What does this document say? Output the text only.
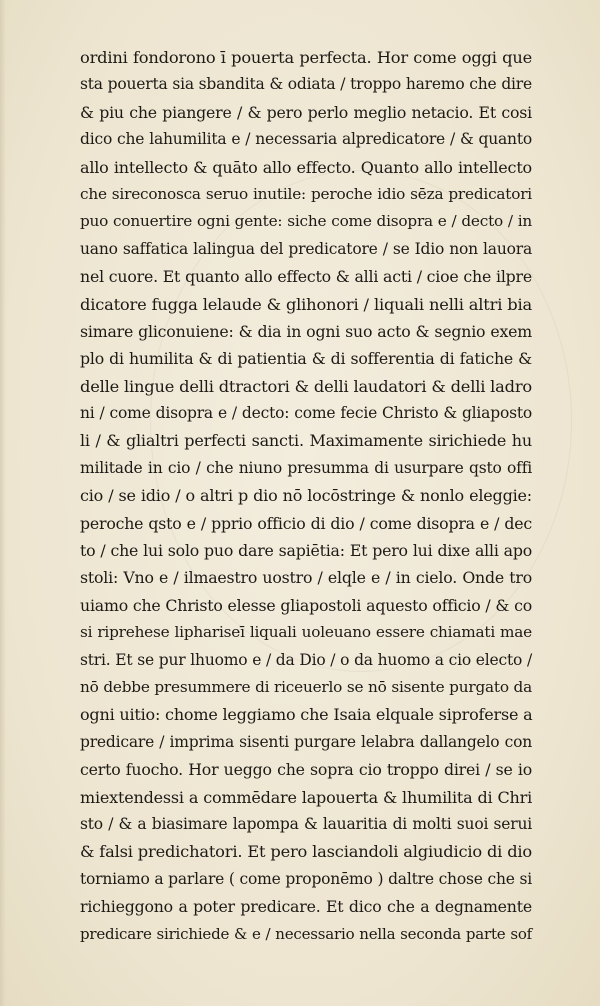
ordini fondorono ī pouerta perfecta. Hor come oggi que
sta pouerta sia sbandita & odiata / troppo haremo che dire
& piu che piangere / & pero perlo meglio netacio. Et cosi
dico che lahumilita e / necessaria alpredicatore / & quanto
allo intellecto & quāto allo effecto. Quanto allo intellecto
che sireconosca seruo inutile: peroche idio sēza predicatori
puo conuertire ogni gente: siche come disopra e / decto / in
uano saffatica lalingua del predicatore / se Idio non lauora
nel cuore. Et quanto allo effecto & alli acti / cioe che ilpre
dicatore fugga lelaude & glihonori / liquali nelli altri bia
simare gliconuiene: & dia in ogni suo acto & segnio exem
plo di humilita & di patientia & di sofferentia di fatiche &
delle lingue delli dtractori & delli laudatori & delli ladro
ni / come disopra e / decto: come fecie Christo & gliaposto
li / & glialtri perfecti sancti. Maximamente sirichiede hu
militade in cio / che niuno presumma di usurpare qsto offi
cio / se idio / o altri p dio nō locōstringe & nonlo eleggie:
peroche qsto e / pprio officio di dio / come disopra e / dec
to / che lui solo puo dare sapiētia: Et pero lui dixe alli apo
stoli: Vno e / ilmaestro uostro / elqle e / in cielo. Onde tro
uiamo che Christo elesse gliapostoli aquesto officio / & co
si riprehese liphariseī liquali uoleuano essere chiamati mae
stri. Et se pur lhuomo e / da Dio / o da huomo a cio electo /
nō debbe presummere di riceuerlo se nō sisente purgato da
ogni uitio: chome leggiamo che Isaia elquale siproferse a
predicare / imprima sisenti purgare lelabra dallangelo con
certo fuocho. Hor ueggo che sopra cio troppo direi / se io
miextendessi a commēdare lapouerta & lhumilita di Chri
sto / & a biasimare lapompa & lauaritia di molti suoi serui
& falsi predichatori. Et pero lasciandoli algiudicio di dio
torniamo a parlare ( come proponēmo ) daltre chose che si
richieggono a poter predicare. Et dico che a degnamente
predicare sirichiede & e / necessario nella seconda parte sof
